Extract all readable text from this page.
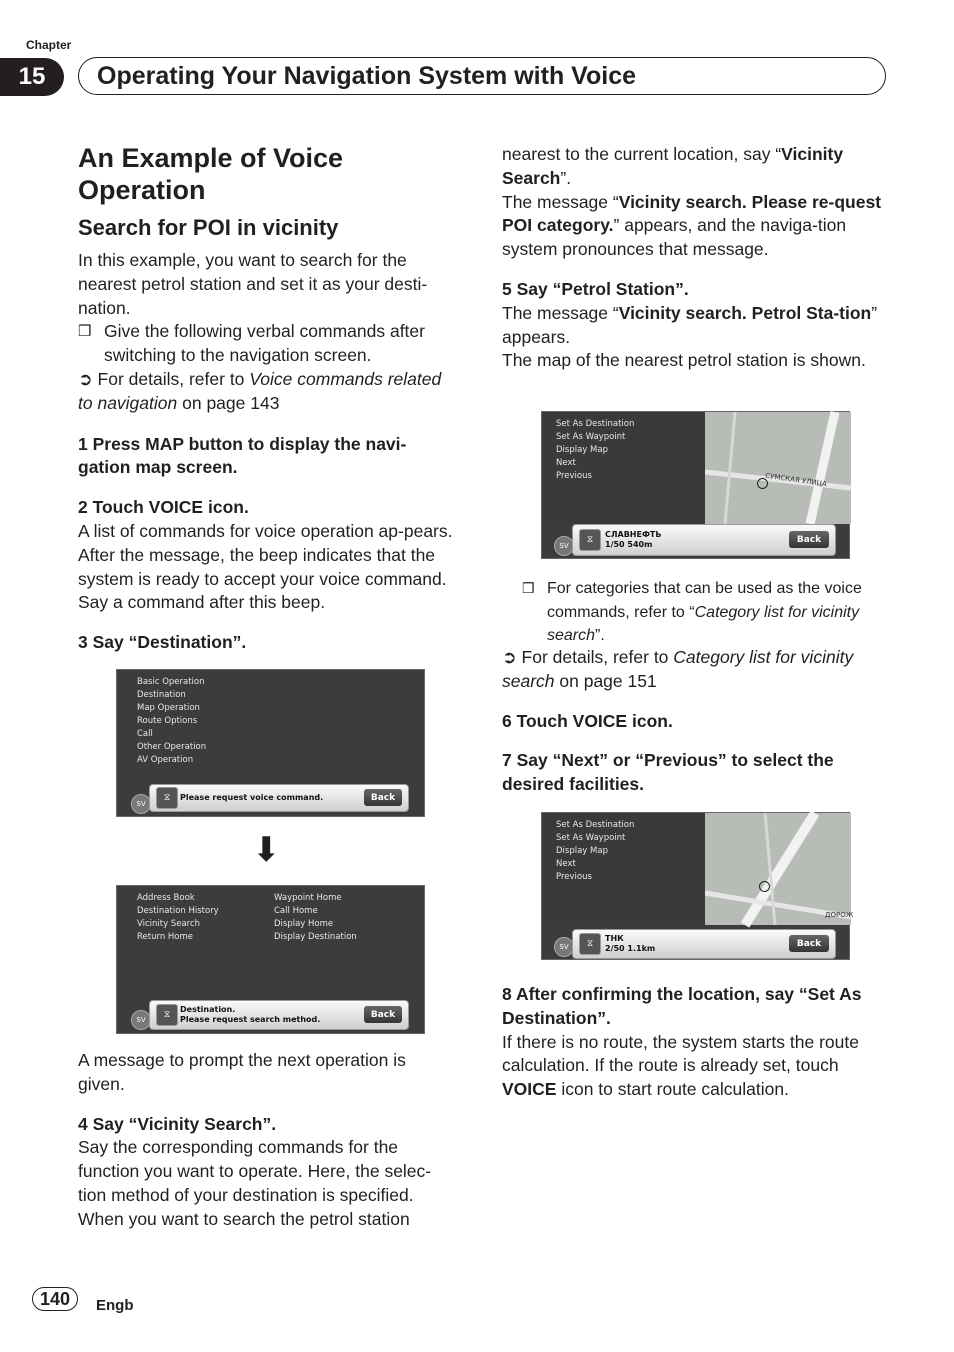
Chapter
15	Operating Your Navigation System with Voice
An Example of Voice Operation
Search for POI in vicinity

In this example, you want to search for the nearest petrol station and set it as your desti-nation.

❒ Give the following verbal commands after switching to the navigation screen.

➲ For details, refer to Voice commands related to navigation on page 143

1 Press MAP button to display the navi-gation map screen.

2 Touch VOICE icon.

A list of commands for voice operation ap-pears. After the message, the beep indicates that the system is ready to accept your voice command. Say a command after this beep.

3 Say “Destination”.

Basic Operation
Destination
Map Operation
Route Options
Call
Other Operation
AV Operation
SV
⧖	Please request voice command.	Back
⬇
Address Book
Destination History
Vicinity Search
Return Home
Waypoint Home
Call Home
Display Home
Display Destination
SV	⧖
Destination.
Please request search method.	Back

A message to prompt the next operation is given.

4 Say “Vicinity Search”.

Say the corresponding commands for the function you want to operate. Here, the selec-tion method of your destination is specified. When you want to search the petrol station

nearest to the current location, say “Vicinity Search”.

The message “Vicinity search. Please re-quest POI category.” appears, and the naviga-tion system pronounces that message.

5 Say “Petrol Station”.

The message “Vicinity search. Petrol Sta-tion” appears.

The map of the nearest petrol station is shown.

СУМСКАЯ УЛИЦА
Set As Destination
Set As Waypoint
Display Map
Next
Previous
SV
⧖
СЛАВНЕФТЬ
1/50 540m	Back

❒ For categories that can be used as the voice commands, refer to “Category list for vicinity search”.

➲ For details, refer to Category list for vicinity search on page 151

6 Touch VOICE icon.

7 Say “Next” or “Previous” to select the desired facilities.

ДОРОЖ
Set As Destination
Set As Waypoint
Display Map
Next
Previous
SV	⧖
ТНК
2/50 1.1km	Back

8 After confirming the location, say “Set As Destination”.

If there is no route, the system starts the route calculation. If the route is already set, touch VOICE icon to start route calculation.

140	Engb
